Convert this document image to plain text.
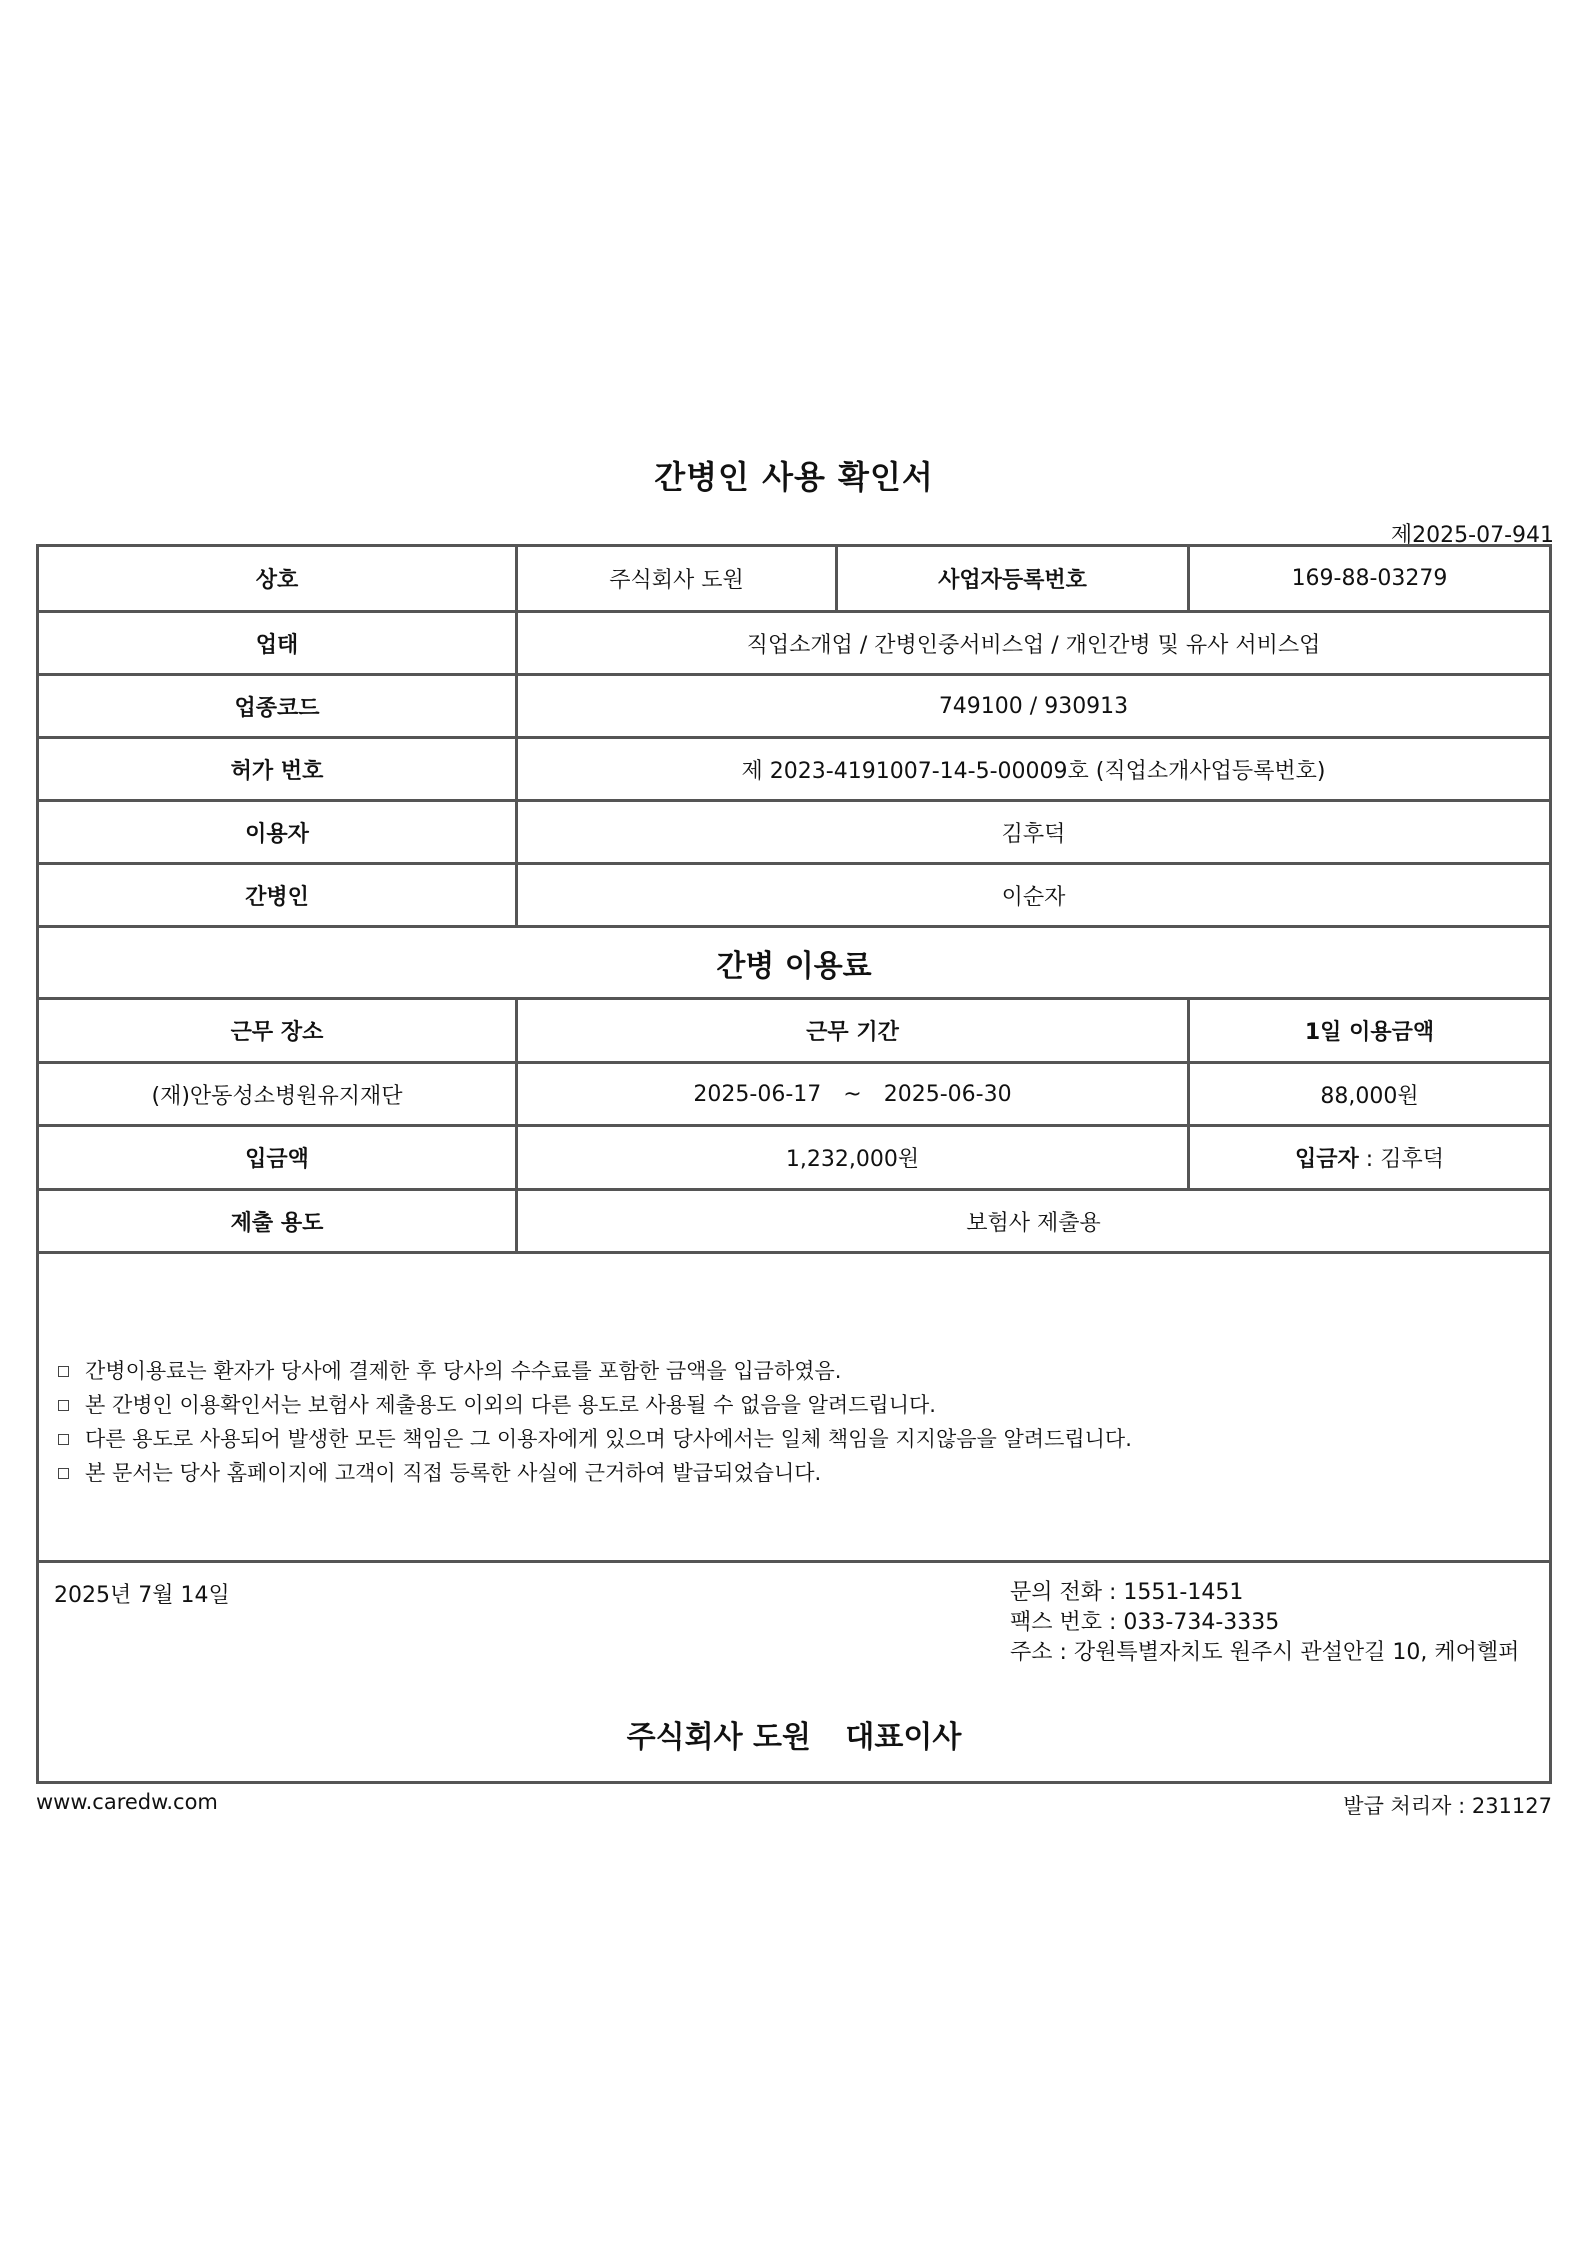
간병인 사용 확인서
제2025-07-941
상호	주식회사 도원	사업자등록번호	169-88-03279
업태	직업소개업 / 간병인중서비스업 / 개인간병 및 유사 서비스업
업종코드	749100 / 930913
허가 번호	제 2023-4191007-14-5-00009호 (직업소개사업등록번호)
이용자	김후덕
간병인	이순자
간병 이용료
근무 장소	근무 기간	1일 이용금액
(재)안동성소병원유지재단	2025-06-17 ~ 2025-06-30	88,000원
입금액	1,232,000원	입금자 : 김후덕
제출 용도	보험사 제출용
간병이용료는 환자가 당사에 결제한 후 당사의 수수료를 포함한 금액을 입금하였음.
본 간병인 이용확인서는 보험사 제출용도 이외의 다른 용도로 사용될 수 없음을 알려드립니다.
다른 용도로 사용되어 발생한 모든 책임은 그 이용자에게 있으며 당사에서는 일체 책임을 지지않음을 알려드립니다.
본 문서는 당사 홈페이지에 고객이 직접 등록한 사실에 근거하여 발급되었습니다.
2025년 7월 14일	문의 전화 : 1551-1451
팩스 번호 : 033-734-3335
주소 : 강원특별자치도 원주시 관설안길 10, 케어헬퍼
주식회사 도원 대표이사
www.caredw.com	발급 처리자 : 231127
